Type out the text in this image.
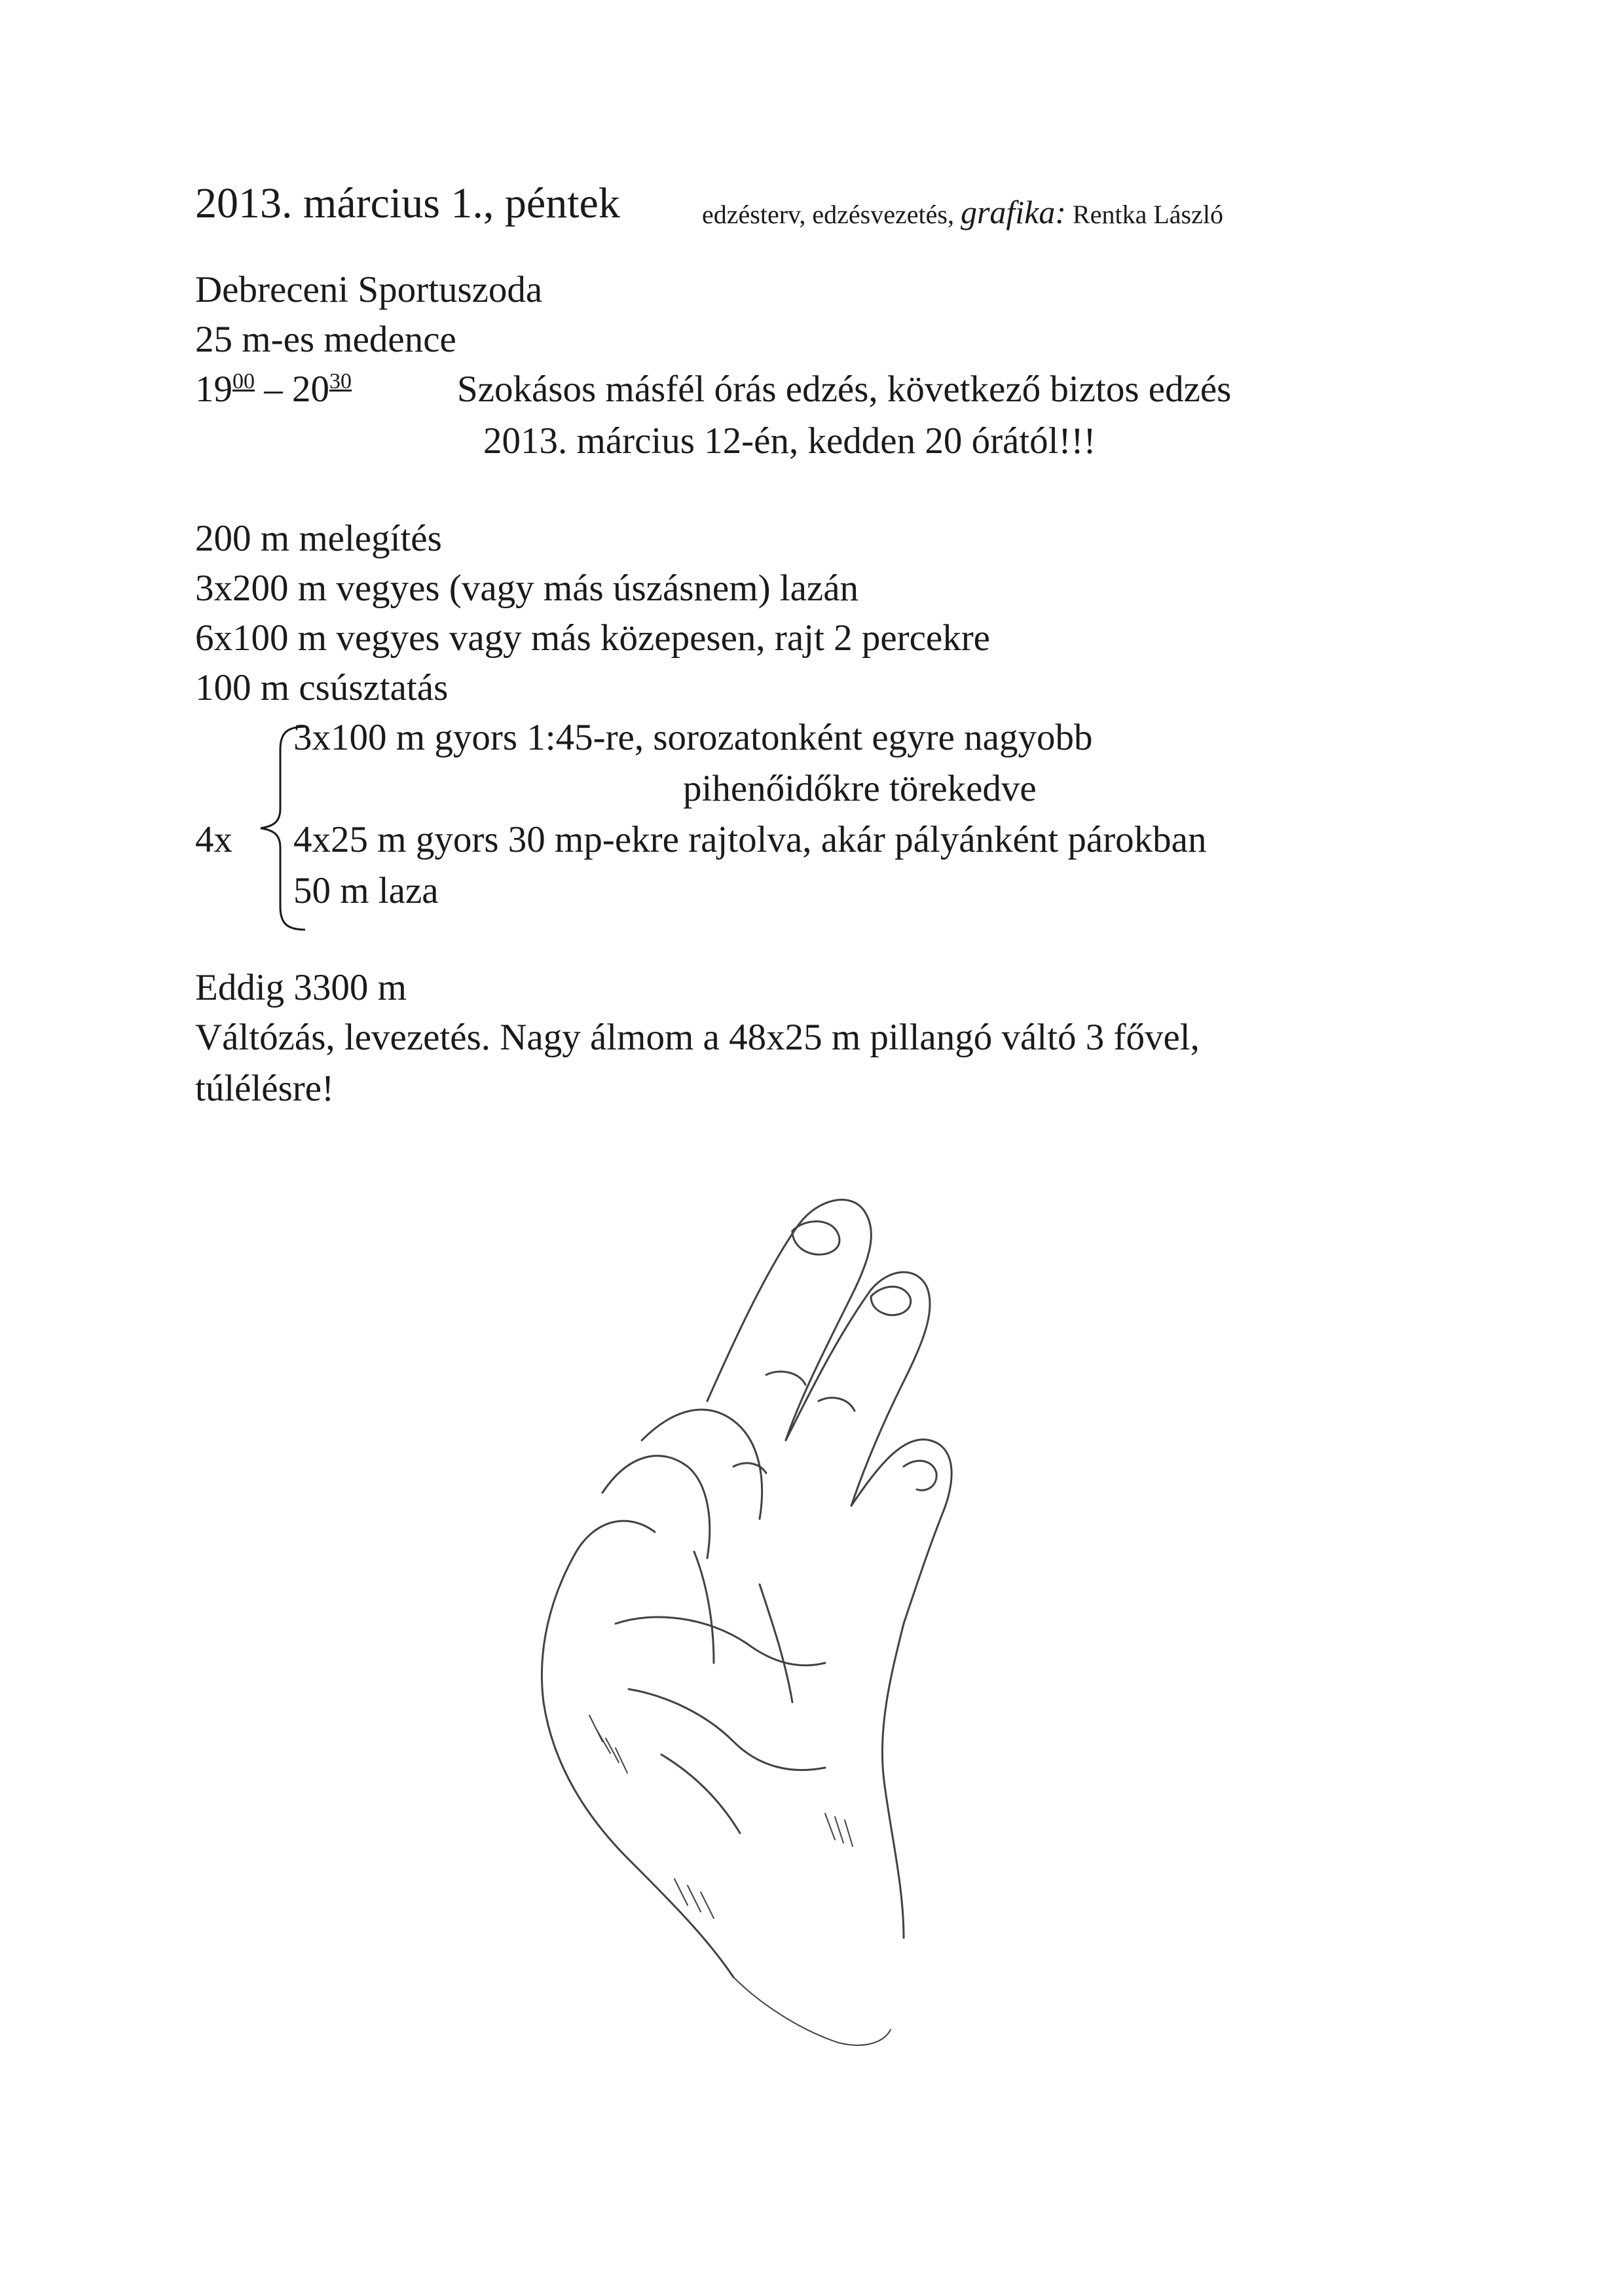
2013. március 1., péntek	edzésterv, edzésvezetés, grafika: Rentka László
Debreceni Sportuszoda
25 m-es medence
$19^{00} - 20^{30}$	Szokásos másfél órás edzés, következő biztos edzés
2013. március 12-én, kedden 20 órától!!!
200 m melegítés
3x200 m vegyes (vagy más úszásnem) lazán
6x100 m vegyes vagy más közepesen, rajt 2 percekre
100 m csúsztatás
4x
3x100 m gyors 1:45-re, sorozatonként egyre nagyobb
pihenőidőkre törekedve
4x25 m gyors 30 mp-ekre rajtolva, akár pályánként párokban
50 m laza
Eddig 3300 m
Váltózás, levezetés. Nagy álmom a 48x25 m pillangó váltó 3 fővel,
túlélésre!
